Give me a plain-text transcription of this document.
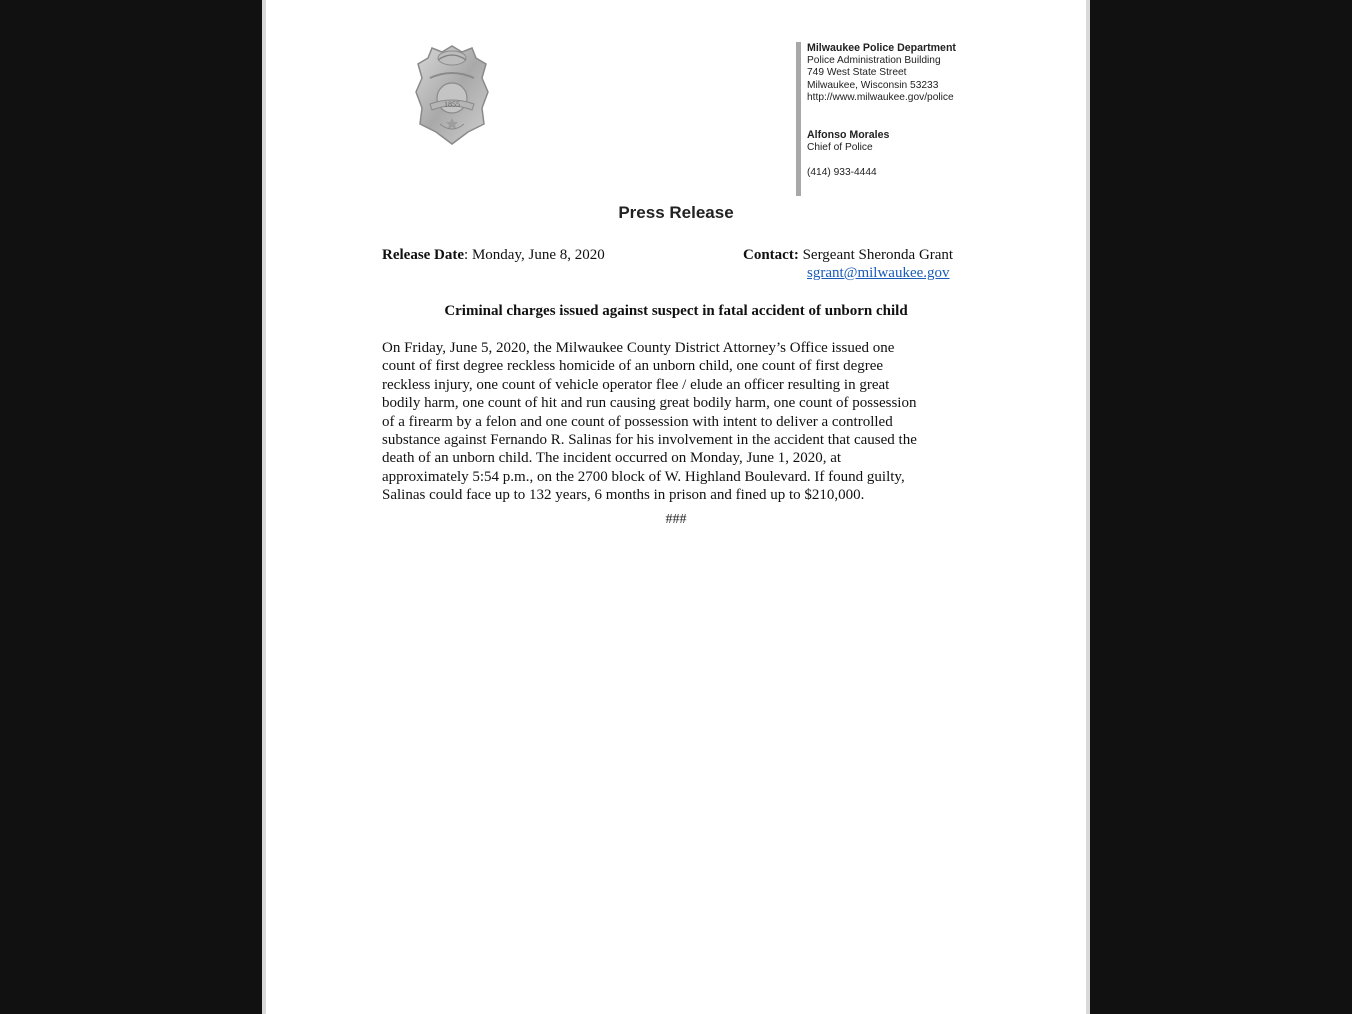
1855
Milwaukee Police Department
Police Administration Building
749 West State Street
Milwaukee, Wisconsin 53233
http://www.milwaukee.gov/police
Alfonso Morales
Chief of Police
(414) 933-4444
Press Release
Release Date: Monday, June 8, 2020	Contact: Sergeant Sheronda Grant
sgrant@milwaukee.gov
Criminal charges issued against suspect in fatal accident of unborn child
On Friday, June 5, 2020, the Milwaukee County District Attorney’s Office issued one
count of first degree reckless homicide of an unborn child, one count of first degree
reckless injury, one count of vehicle operator flee / elude an officer resulting in great
bodily harm, one count of hit and run causing great bodily harm, one count of possession
of a firearm by a felon and one count of possession with intent to deliver a controlled
substance against Fernando R. Salinas for his involvement in the accident that caused the
death of an unborn child. The incident occurred on Monday, June 1, 2020, at
approximately 5:54 p.m., on the 2700 block of W. Highland Boulevard. If found guilty,
Salinas could face up to 132 years, 6 months in prison and fined up to $210,000.
###
